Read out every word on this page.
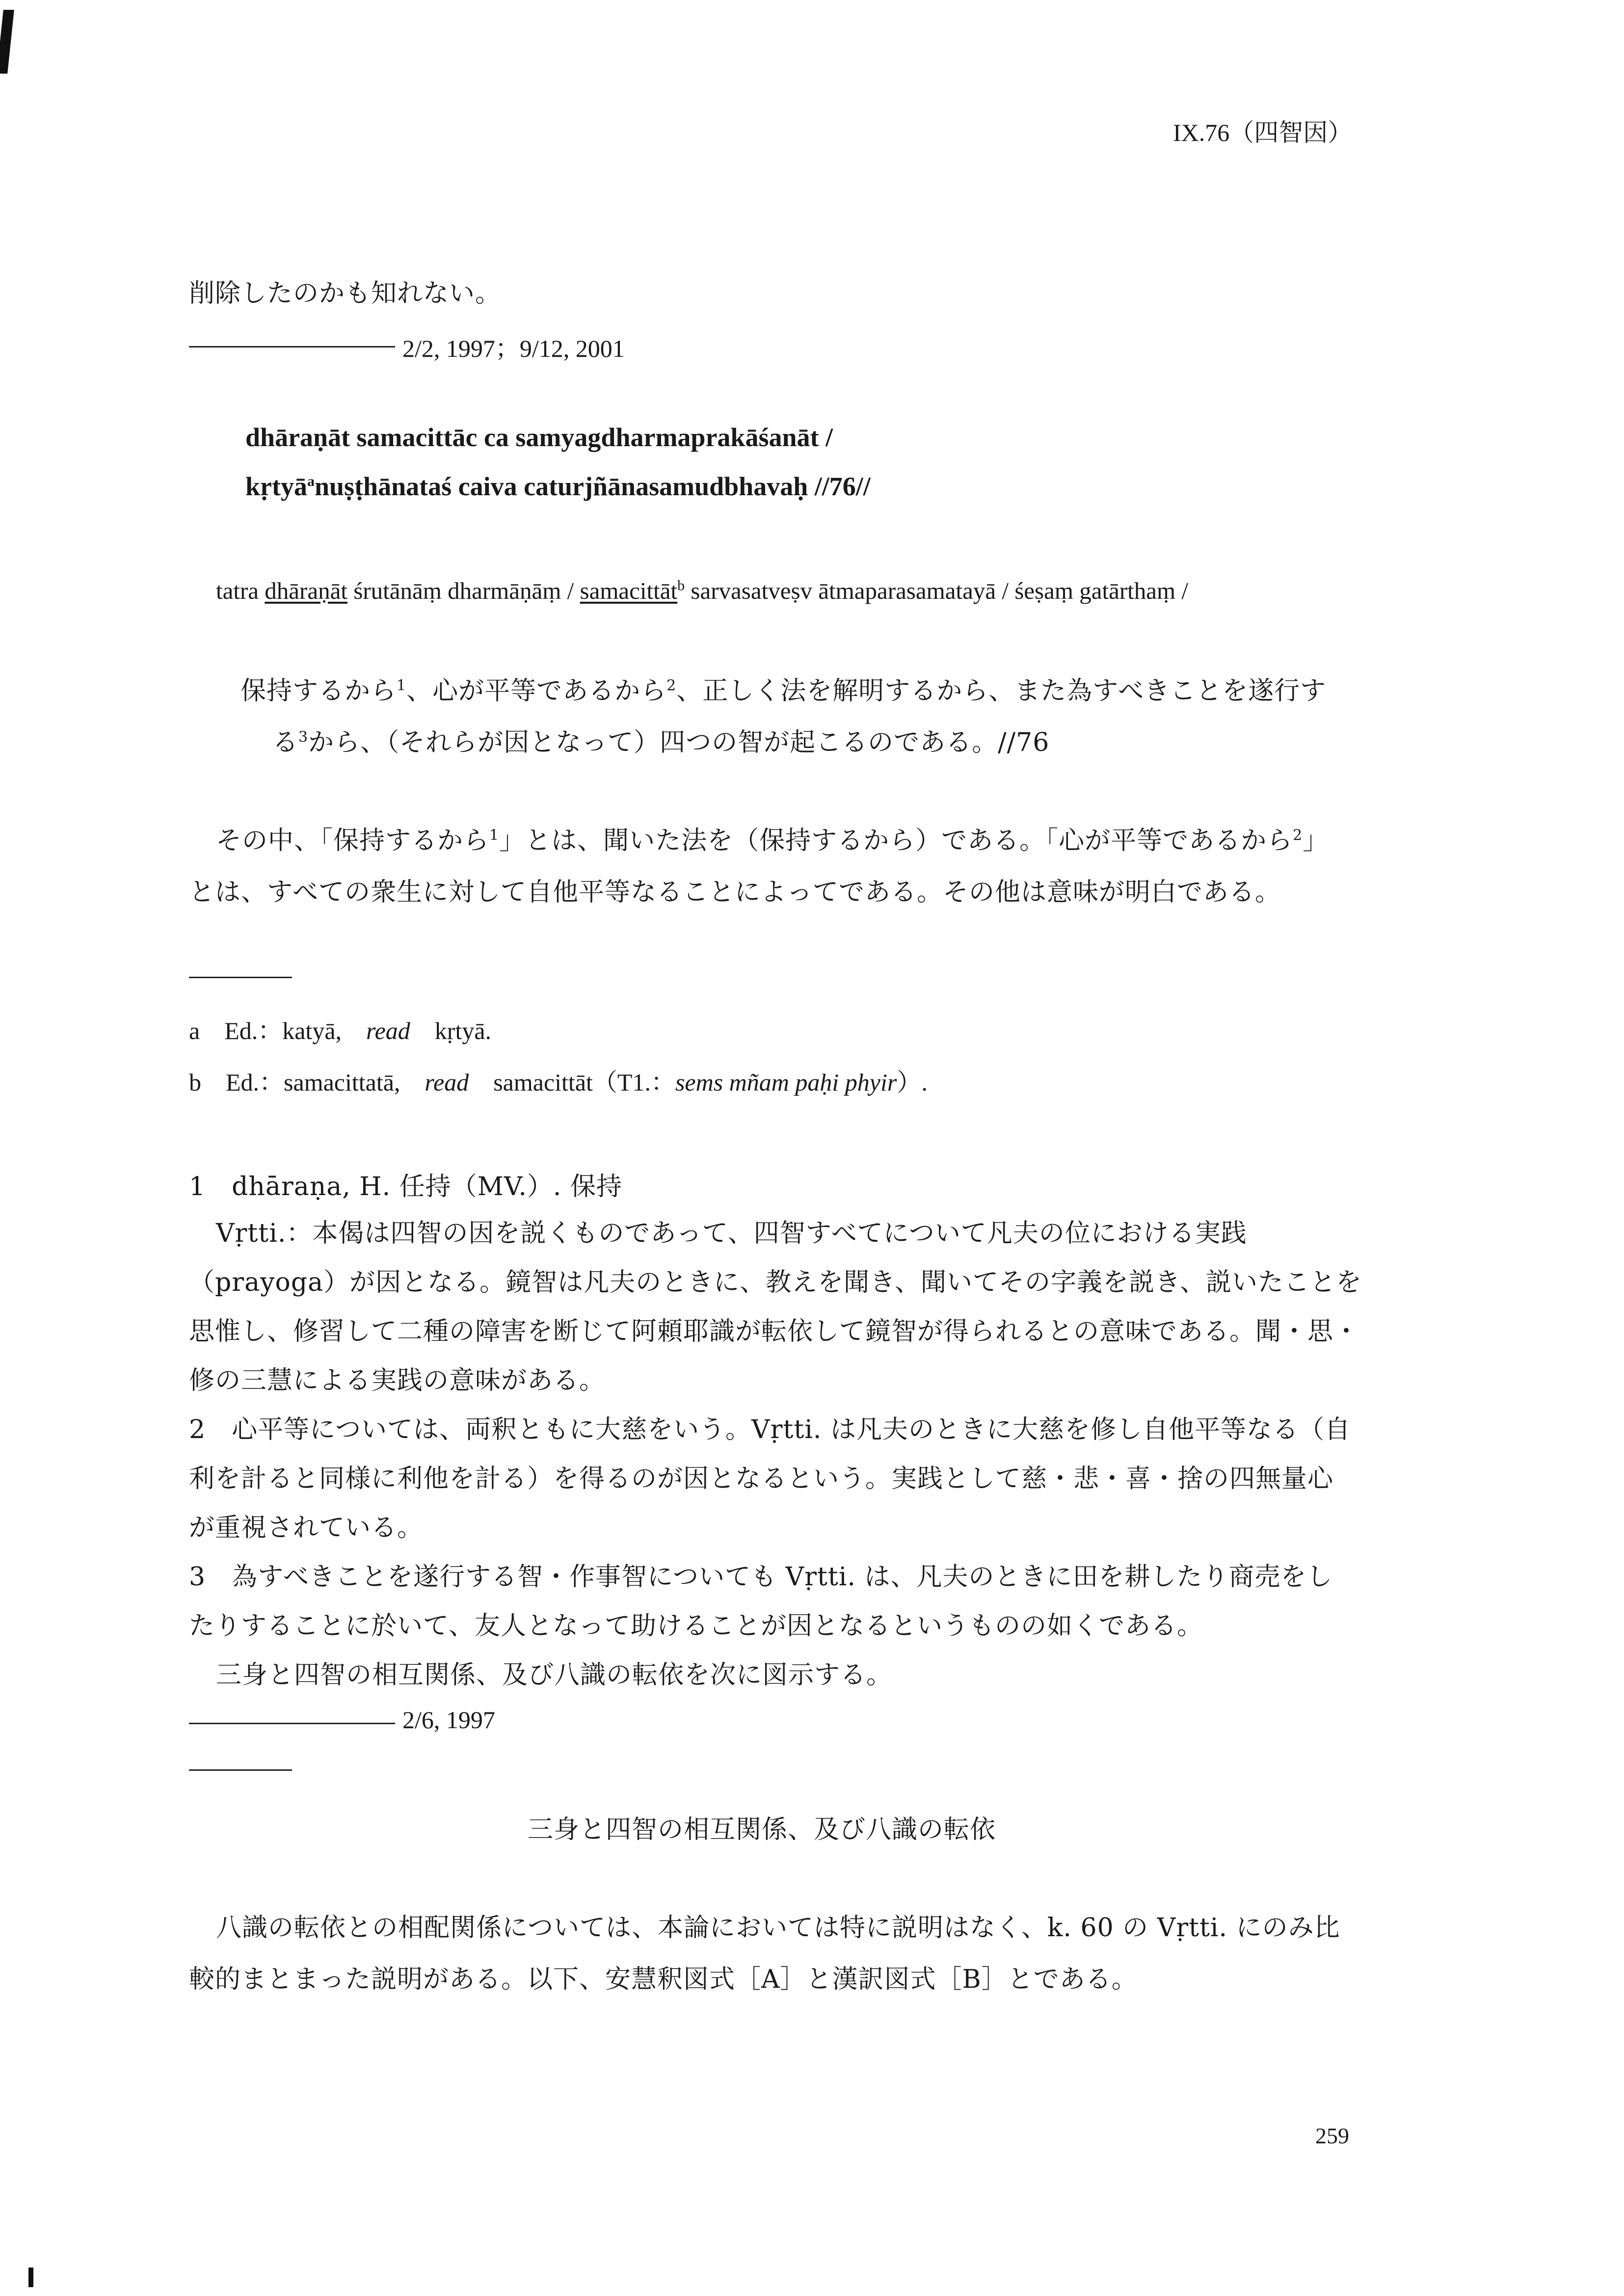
IX.76（四智因）
削除したのかも知れない。
2/2, 1997；9/12, 2001
dhāraṇāt samacittāc ca samyagdharmaprakāśanāt /
kṛtyā$^a$nuṣṭhānataś caiva caturjñānasamudbhavaḥ //76//
tatra dhāraṇāt śrutānāṃ dharmāṇāṃ / samacittāt$^b$ sarvasatveṣv ātmaparasamatayā / śeṣaṃ gatārthaṃ /
保持するから$^1$、心が平等であるから$^2$、正しく法を解明するから、また為すべきことを遂行す
る$^3$から、（それらが因となって）四つの智が起こるのである。//76
その中、「保持するから$^1$」とは、聞いた法を（保持するから）である。「心が平等であるから$^2$」
とは、すべての衆生に対して自他平等なることによってである。その他は意味が明白である。
a　Ed.：katyā,　read　kṛtyā.
b　Ed.：samacittatā,　read　samacittāt（T1.：sems mñam paḥi phyir）.
1　dhāraṇa, H. 任持（MV.）. 保持
Vṛtti.：本偈は四智の因を説くものであって、四智すべてについて凡夫の位における実践
（prayoga）が因となる。鏡智は凡夫のときに、教えを聞き、聞いてその字義を説き、説いたことを
思惟し、修習して二種の障害を断じて阿頼耶識が転依して鏡智が得られるとの意味である。聞・思・
修の三慧による実践の意味がある。
2　心平等については、両釈ともに大慈をいう。Vṛtti. は凡夫のときに大慈を修し自他平等なる（自
利を計ると同様に利他を計る）を得るのが因となるという。実践として慈・悲・喜・捨の四無量心
が重視されている。
3　為すべきことを遂行する智・作事智についても Vṛtti. は、凡夫のときに田を耕したり商売をし
たりすることに於いて、友人となって助けることが因となるというものの如くである。
三身と四智の相互関係、及び八識の転依を次に図示する。
2/6, 1997
三身と四智の相互関係、及び八識の転依
八識の転依との相配関係については、本論においては特に説明はなく、k. 60 の Vṛtti. にのみ比
較的まとまった説明がある。以下、安慧釈図式［A］と漢訳図式［B］とである。
259
